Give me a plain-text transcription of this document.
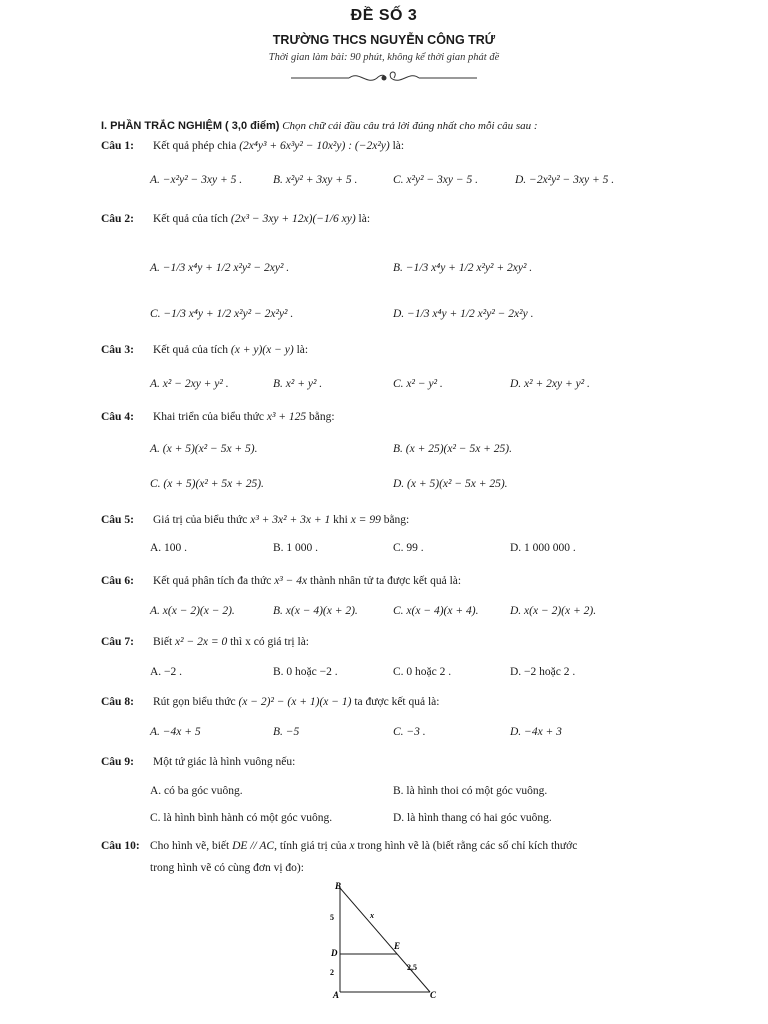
ĐỀ SỐ 3
TRƯỜNG THCS NGUYỄN CÔNG TRỨ
Thời gian làm bài: 90 phút, không kể thời gian phát đề
I. PHẦN TRẮC NGHIỆM ( 3,0 điểm) Chọn chữ cái đầu câu trả lời đúng nhất cho mỗi câu sau :
Câu 1: Kết quả phép chia (2x⁴y³ + 6x³y² − 10x²y) : (−2x²y) là:
A. −x²y² − 3xy + 5 .	B. x²y² + 3xy + 5 .	C. x²y² − 3xy − 5 .	D. −2x²y² − 3xy + 5 .
Câu 2: Kết quả của tích (2x³ − 3xy + 12x)(−1/6 xy) là:
A. −1/3 x⁴y + 1/2 x²y² − 2xy² .	B. −1/3 x⁴y + 1/2 x²y² + 2xy² .
C. −1/3 x⁴y + 1/2 x²y² − 2x²y² .	D. −1/3 x⁴y + 1/2 x²y² − 2x²y .
Câu 3: Kết quả của tích (x + y)(x − y) là:
A. x² − 2xy + y² .	B. x² + y² .	C. x² − y² .	D. x² + 2xy + y² .
Câu 4: Khai triển của biểu thức x³ + 125 bằng:
A. (x + 5)(x² − 5x + 5).	B. (x + 25)(x² − 5x + 25).
C. (x + 5)(x² + 5x + 25).	D. (x + 5)(x² − 5x + 25).
Câu 5: Giá trị của biểu thức x³ + 3x² + 3x + 1 khi x = 99 bằng:
A. 100 .	B. 1 000 .	C. 99 .	D. 1 000 000 .
Câu 6: Kết quả phân tích đa thức x³ − 4x thành nhân tử ta được kết quả là:
A. x(x − 2)(x − 2).	B. x(x − 4)(x + 2).	C. x(x − 4)(x + 4).	D. x(x − 2)(x + 2).
Câu 7: Biết x² − 2x = 0 thì x có giá trị là:
A. −2 .	B. 0 hoặc −2 .	C. 0 hoặc 2 .	D. −2 hoặc 2 .
Câu 8: Rút gọn biểu thức (x − 2)² − (x + 1)(x − 1) ta được kết quả là:
A. −4x + 5	B. −5	C. −3 .	D. −4x + 3
Câu 9: Một tứ giác là hình vuông nếu:
A. có ba góc vuông.	B. là hình thoi có một góc vuông.
C. là hình bình hành có một góc vuông.	D. là hình thang có hai góc vuông.
Câu 10: Cho hình vẽ, biết DE // AC, tính giá trị của x trong hình vẽ là (biết rằng các số chỉ kích thước
trong hình vẽ có cùng đơn vị đo):
B
D
E
A	C
5
2
x
2,5
